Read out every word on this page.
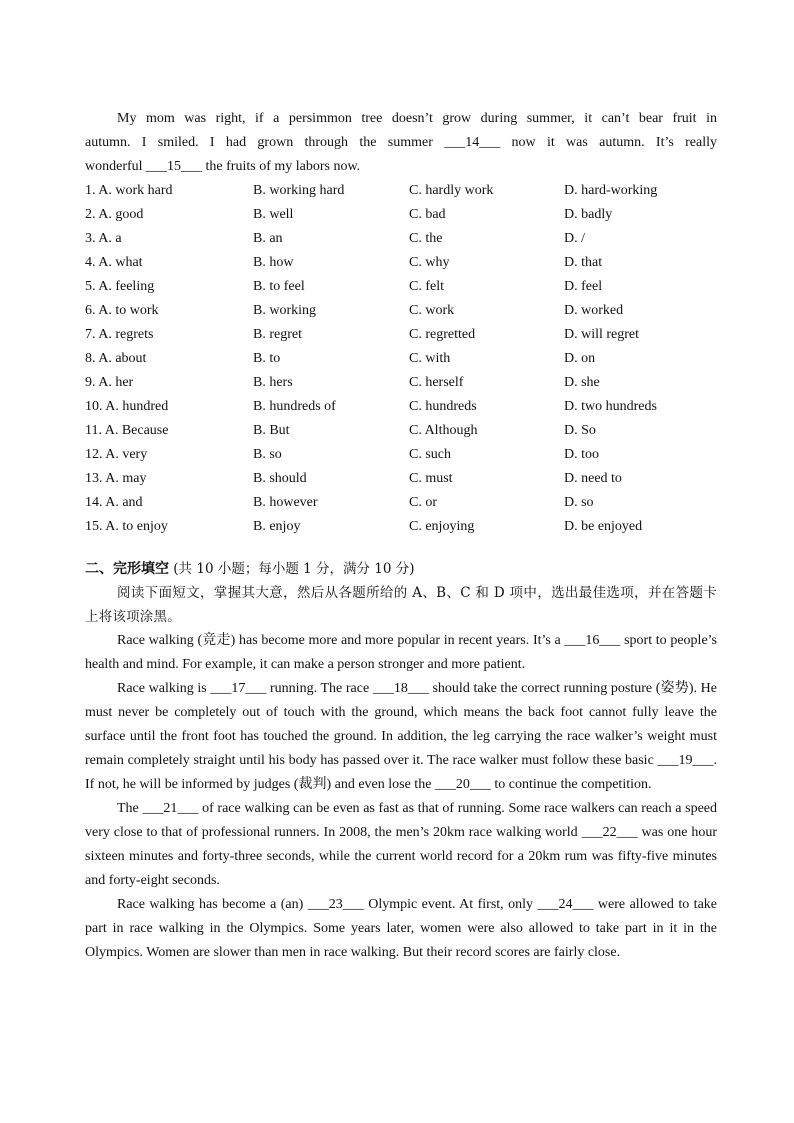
My mom was right, if a persimmon tree doesn’t grow during summer, it can’t bear fruit in

autumn. I smiled. I had grown through the summer ___14___ now it was autumn. It’s really

wonderful ___15___ the fruits of my labors now.

1. A. work hard	B. working hard	C. hardly work	D. hard-working
2. A. good	B. well	C. bad	D. badly
3. A. a	B. an	C. the	D. /
4. A. what	B. how	C. why	D. that
5. A. feeling	B. to feel	C. felt	D. feel
6. A. to work	B. working	C. work	D. worked
7. A. regrets	B. regret	C. regretted	D. will regret
8. A. about	B. to	C. with	D. on
9. A. her	B. hers	C. herself	D. she
10. A. hundred	B. hundreds of	C. hundreds	D. two hundreds
11. A. Because	B. But	C. Although	D. So
12. A. very	B. so	C. such	D. too
13. A. may	B. should	C. must	D. need to
14. A. and	B. however	C. or	D. so
15. A. to enjoy	B. enjoy	C. enjoying	D. be enjoyed
二、完形填空 (共 10 小题；每小题 1 分，满分 10 分)

阅读下面短文，掌握其大意，然后从各题所给的 A、B、C 和 D 项中，选出最佳选项，并在答题卡上将该项涂黑。

Race walking (竞走) has become more and more popular in recent years. It’s a ___16___ sport to people’s health and mind. For example, it can make a person stronger and more patient.

Race walking is ___17___ running. The race ___18___ should take the correct running posture (姿势). He must never be completely out of touch with the ground, which means the back foot cannot fully leave the surface until the front foot has touched the ground. In addition, the leg carrying the race walker’s weight must remain completely straight until his body has passed over it. The race walker must follow these basic ___19___. If not, he will be informed by judges (裁判) and even lose the ___20___ to continue the competition.

The ___21___ of race walking can be even as fast as that of running. Some race walkers can reach a speed very close to that of professional runners. In 2008, the men’s 20km race walking world ___22___ was one hour sixteen minutes and forty-three seconds, while the current world record for a 20km rum was fifty-five minutes and forty-eight seconds.

Race walking has become a (an) ___23___ Olympic event. At first, only ___24___ were allowed to take part in race walking in the Olympics. Some years later, women were also allowed to take part in it in the Olympics. Women are slower than men in race walking. But their record scores are fairly close.
